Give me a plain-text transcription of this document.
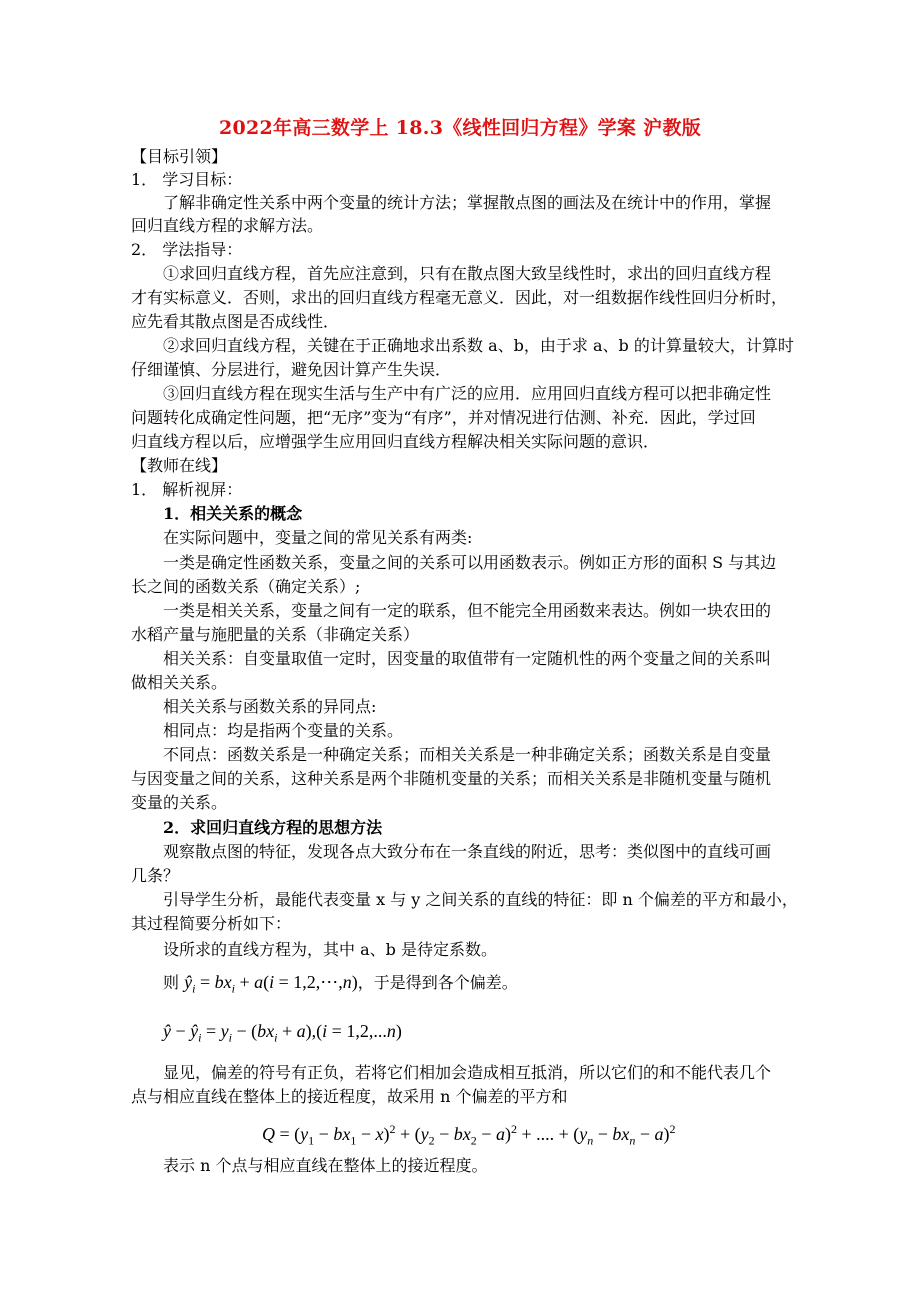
2022年高三数学上 18.3《线性回归方程》学案 沪教版
【目标引领】
1． 学习目标：
了解非确定性关系中两个变量的统计方法；掌握散点图的画法及在统计中的作用，掌握
回归直线方程的求解方法。
2． 学法指导：
①求回归直线方程，首先应注意到，只有在散点图大致呈线性时，求出的回归直线方程
才有实标意义．否则，求出的回归直线方程毫无意义．因此，对一组数据作线性回归分析时，
应先看其散点图是否成线性．
②求回归直线方程，关键在于正确地求出系数 a、b，由于求 a、b 的计算量较大，计算时
仔细谨慎、分层进行，避免因计算产生失误．
③回归直线方程在现实生活与生产中有广泛的应用．应用回归直线方程可以把非确定性
问题转化成确定性问题，把“无序”变为“有序”，并对情况进行估测、补充．因此，学过回
归直线方程以后，应增强学生应用回归直线方程解决相关实际问题的意识．
【教师在线】
1． 解析视屏：
1．相关关系的概念
在实际问题中，变量之间的常见关系有两类:
一类是确定性函数关系，变量之间的关系可以用函数表示。例如正方形的面积 S 与其边
长之间的函数关系（确定关系）;
一类是相关关系，变量之间有一定的联系，但不能完全用函数来表达。例如一块农田的
水稻产量与施肥量的关系（非确定关系）
相关关系：自变量取值一定时，因变量的取值带有一定随机性的两个变量之间的关系叫
做相关关系。
相关关系与函数关系的异同点:
相同点：均是指两个变量的关系。
不同点：函数关系是一种确定关系；而相关关系是一种非确定关系；函数关系是自变量
与因变量之间的关系，这种关系是两个非随机变量的关系；而相关关系是非随机变量与随机
变量的关系。
2．求回归直线方程的思想方法
观察散点图的特征，发现各点大致分布在一条直线的附近，思考：类似图中的直线可画
几条？
引导学生分析，最能代表变量 x 与 y 之间关系的直线的特征：即 n 个偏差的平方和最小，
其过程简要分析如下：
设所求的直线方程为，其中 a、b 是待定系数。
则 $ŷ_i = bx_i + a(i$ = 1,2,⋯,n)，于是得到各个偏差。
ŷ − $ŷ_i = y_i - (bx_i + a),(i = 1,2,...n)$
显见，偏差的符号有正负，若将它们相加会造成相互抵消，所以它们的和不能代表几个
点与相应直线在整体上的接近程度，故采用 n 个偏差的平方和
$Q = (y_1 - bx_1 - x)^2 + (y_2 - bx_2 - a)^2$ + .... + $(y_n - bx_n - a)^2$
表示 n 个点与相应直线在整体上的接近程度。
